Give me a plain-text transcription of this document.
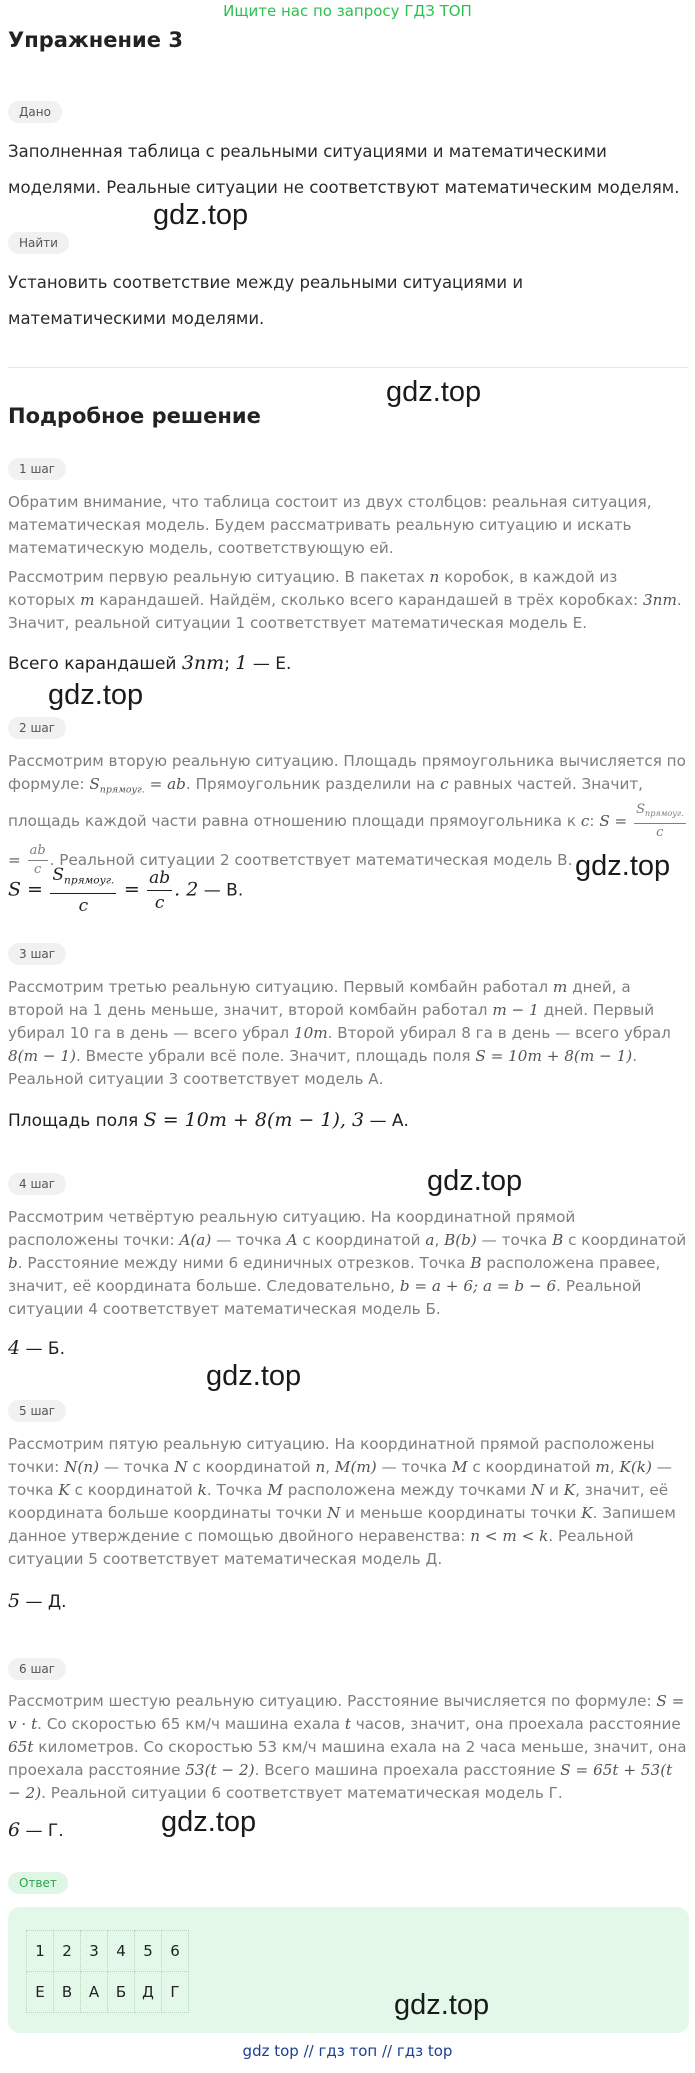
Ищите нас по запросу ГДЗ ТОП
Упражнение 3
Дано
Заполненная таблица с реальными ситуациями и математическими моделями. Реальные ситуации не соответствуют математическим моделям.
gdz.top
Найти
Установить соответствие между реальными ситуациями и математическими моделями.
gdz.top
Подробное решение
1 шаг
Обратим внимание, что таблица состоит из двух столбцов: реальная ситуация, математическая модель. Будем рассматривать реальную ситуацию и искать математическую модель, соответствующую ей.
Рассмотрим первую реальную ситуацию. В пакетах n коробок, в каждой из которых m карандашей. Найдём, сколько всего карандашей в трёх коробках: 3nm. Значит, реальной ситуации 1 соответствует математическая модель Е.
Всего карандашей 3nm; 1 — Е.
gdz.top
2 шаг
Рассмотрим вторую реальную ситуацию. Площадь прямоугольника вычисляется по формуле: $S_{прямоуг.}$ = ab. Прямоугольник разделили на c равных частей. Значит, площадь каждой части равна отношению площади прямоугольника к c: $S = \frac{S_{прямоуг.}}{c}$
= $\frac{ab}{c}$ . Реальной ситуации 2 соответствует математическая модель В.
$S = \frac{S_{прямоуг.}}{c} = \frac{ab}{c}$ . 2 — В.
gdz.top
3 шаг
Рассмотрим третью реальную ситуацию. Первый комбайн работал m дней, а второй на 1 день меньше, значит, второй комбайн работал m − 1 дней. Первый убирал 10 га в день — всего убрал 10m. Второй убирал 8 га в день — всего убрал 8(m − 1). Вместе убрали всё поле. Значит, площадь поля S = 10m + 8(m − 1). Реальной ситуации 3 соответствует модель А.
Площадь поля S = 10m + 8(m − 1), 3 — А.
gdz.top
4 шаг
Рассмотрим четвёртую реальную ситуацию. На координатной прямой расположены точки: A(a) — точка A с координатой a, B(b) — точка B с координатой b. Расстояние между ними 6 единичных отрезков. Точка B расположена правее, значит, её координата больше. Следовательно, b = a + 6; a = b − 6. Реальной ситуации 4 соответствует математическая модель Б.
4 — Б.
gdz.top
5 шаг
Рассмотрим пятую реальную ситуацию. На координатной прямой расположены точки: N(n) — точка N с координатой n, M(m) — точка M с координатой m, K(k) — точка K с координатой k. Точка M расположена между точками N и K, значит, её координата больше координаты точки N и меньше координаты точки K. Запишем данное утверждение с помощью двойного неравенства: n < m < k. Реальной ситуации 5 соответствует математическая модель Д.
5 — Д.
6 шаг
Рассмотрим шестую реальную ситуацию. Расстояние вычисляется по формуле: S = v · t. Со скоростью 65 км/ч машина ехала t часов, значит, она проехала расстояние 65t километров. Со скоростью 53 км/ч машина ехала на 2 часа меньше, значит, она проехала расстояние 53(t − 2). Всего машина проехала расстояние S = 65t + 53(t − 2). Реальной ситуации 6 соответствует математическая модель Г.
6 — Г.	gdz.top
Ответ
1	2	3	4	5	6
Е	В	А	Б	Д	Г	gdz.top
gdz top // гдз топ // гдз top
